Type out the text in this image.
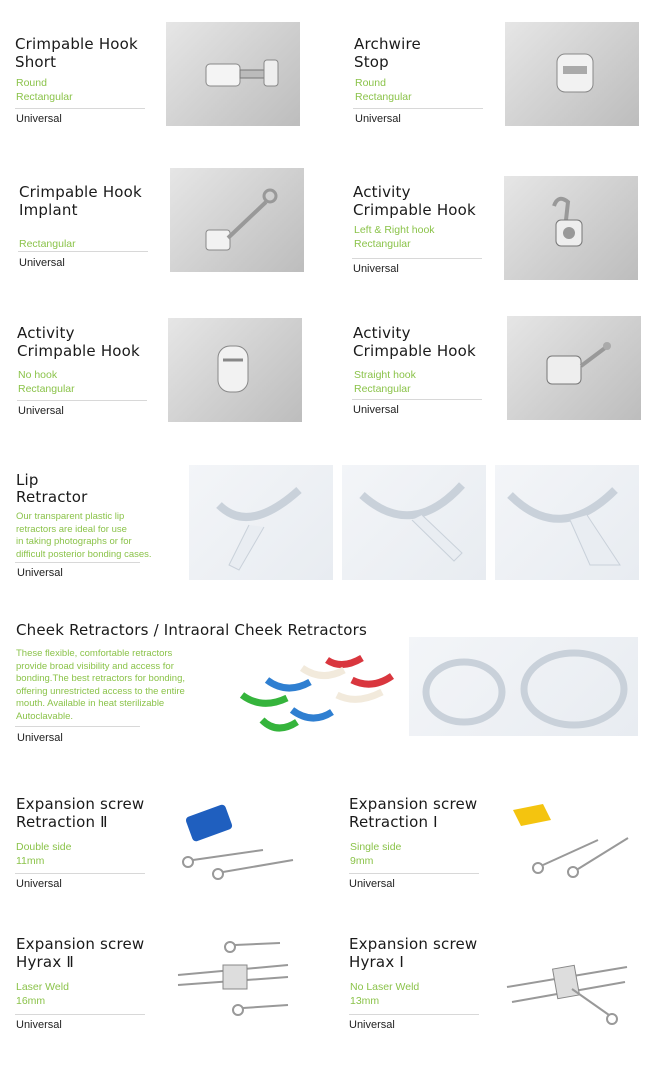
Crimpable Hook
Short
Round
Rectangular
Universal
Archwire
Stop
Round
Rectangular
Universal
Crimpable Hook
Implant
Rectangular
Universal
Activity
Crimpable Hook
Left & Right hook
Rectangular
Universal
Activity
Crimpable Hook
No hook
Rectangular
Universal
Activity
Crimpable Hook
Straight hook
Rectangular
Universal
Lip
Retractor
Our transparent plastic lip
retractors are ideal for use
in taking photographs or for
difficult posterior bonding cases.
Universal
Cheek Retractors / Intraoral Cheek Retractors
These flexible, comfortable retractors
provide broad visibility and access for
bonding.The best retractors for bonding,
offering unrestricted access to the entire
mouth. Available in heat sterilizable
Autoclavable.
Universal
Expansion screw
Retraction Ⅱ
Double side
11mm
Universal
Expansion screw
Retraction Ⅰ
Single side
9mm
Universal
Expansion screw
Hyrax Ⅱ
Laser Weld
16mm
Universal
Expansion screw
Hyrax Ⅰ
No Laser Weld
13mm
Universal
